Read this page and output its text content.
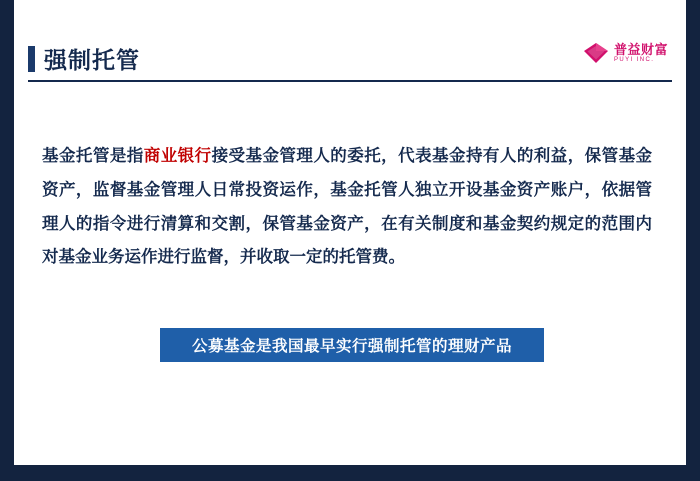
强制托管	普益财富
PUYI INC.
基金托管是指商业银行接受基金管理人的委托，代表基金持有人的利益，保管基金资产，监督基金管理人日常投资运作，基金托管人独立开设基金资产账户，依据管理人的指令进行清算和交割，保管基金资产，在有关制度和基金契约规定的范围内对基金业务运作进行监督，并收取一定的托管费。
公募基金是我国最早实行强制托管的理财产品
